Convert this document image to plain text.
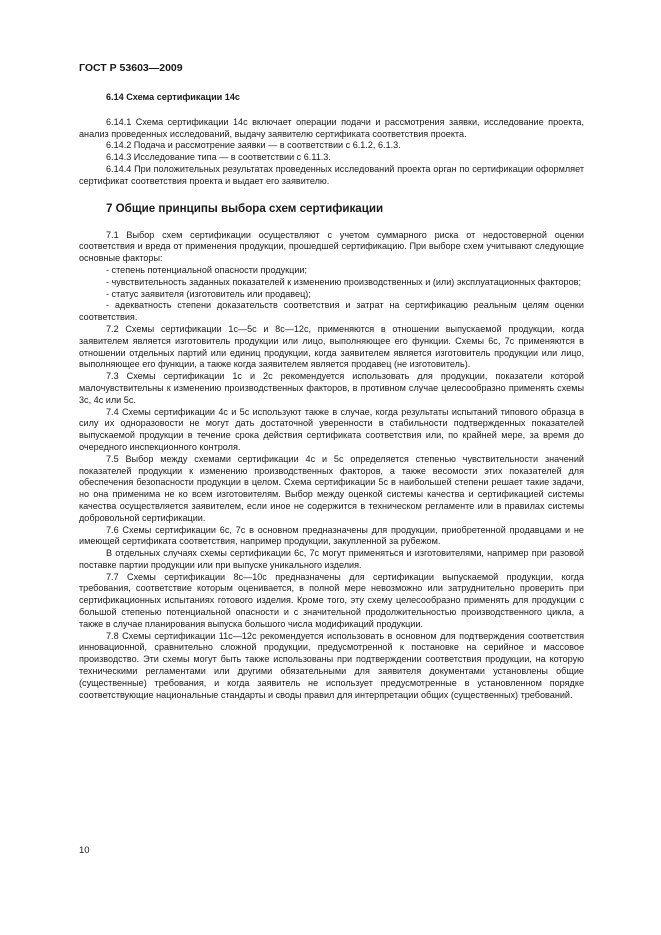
ГОСТ Р 53603—2009

6.14 Схема сертификации 14с

6.14.1 Схема сертификации 14с включает операции подачи и рассмотрения заявки, исследование проекта, анализ проведенных исследований, выдачу заявителю сертификата соответствия проекта.

6.14.2 Подача и рассмотрение заявки — в соответствии с 6.1.2, 6.1.3.

6.14.3 Исследование типа — в соответствии с 6.11.3.

6.14.4 При положительных результатах проведенных исследований проекта орган по сертификации оформляет сертификат соответствия проекта и выдает его заявителю.

7 Общие принципы выбора схем сертификации

7.1 Выбор схем сертификации осуществляют с учетом суммарного риска от недостоверной оценки соответствия и вреда от применения продукции, прошедшей сертификацию. При выборе схем учитывают следующие основные факторы:

- степень потенциальной опасности продукции;

- чувствительность заданных показателей к изменению производственных и (или) эксплуатационных факторов;

- статус заявителя (изготовитель или продавец);

- адекватность степени доказательств соответствия и затрат на сертификацию реальным целям оценки соответствия.

7.2 Схемы сертификации 1с—5с и 8с—12с, применяются в отношении выпускаемой продукции, когда заявителем является изготовитель продукции или лицо, выполняющее его функции. Схемы 6с, 7с применяются в отношении отдельных партий или единиц продукции, когда заявителем является изготовитель продукции или лицо, выполняющее его функции, а также когда заявителем является продавец (не изготовитель).

7.3 Схемы сертификации 1с и 2с рекомендуется использовать для продукции, показатели которой малочувствительны к изменению производственных факторов, в противном случае целесообразно применять схемы 3с, 4с или 5с.

7.4 Схемы сертификации 4с и 5с используют также в случае, когда результаты испытаний типового образца в силу их одноразовости не могут дать достаточной уверенности в стабильности подтвержденных показателей выпускаемой продукции в течение срока действия сертификата соответствия или, по крайней мере, за время до очередного инспекционного контроля.

7.5 Выбор между схемами сертификации 4с и 5с определяется степенью чувствительности значений показателей продукции к изменению производственных факторов, а также весомости этих показателей для обеспечения безопасности продукции в целом. Схема сертификации 5с в наибольшей степени решает такие задачи, но она применима не ко всем изготовителям. Выбор между оценкой системы качества и сертификацией системы качества осуществляется заявителем, если иное не содержится в техническом регламенте или в правилах системы добровольной сертификации.

7.6 Схемы сертификации 6с, 7с в основном предназначены для продукции, приобретенной продавцами и не имеющей сертификата соответствия, например продукции, закупленной за рубежом.

В отдельных случаях схемы сертификации 6с, 7с могут применяться и изготовителями, например при разовой поставке партии продукции или при выпуске уникального изделия.

7.7 Схемы сертификации 8с—10с предназначены для сертификации выпускаемой продукции, когда требования, соответствие которым оценивается, в полной мере невозможно или затруднительно проверить при сертификационных испытаниях готового изделия. Кроме того, эту схему целесообразно применять для продукции с большой степенью потенциальной опасности и с значительной продолжительностью производственного цикла, а также в случае планирования выпуска большого числа модификаций продукции.

7.8 Схемы сертификации 11с—12с рекомендуется использовать в основном для подтверждения соответствия инновационной, сравнительно сложной продукции, предусмотренной к постановке на серийное и массовое производство. Эти схемы могут быть также использованы при подтверждении соответствия продукции, на которую техническими регламентами или другими обязательными для заявителя документами установлены общие (существенные) требования, и когда заявитель не использует предусмотренные в установленном порядке соответствующие национальные стандарты и своды правил для интерпретации общих (существенных) требований.

10
